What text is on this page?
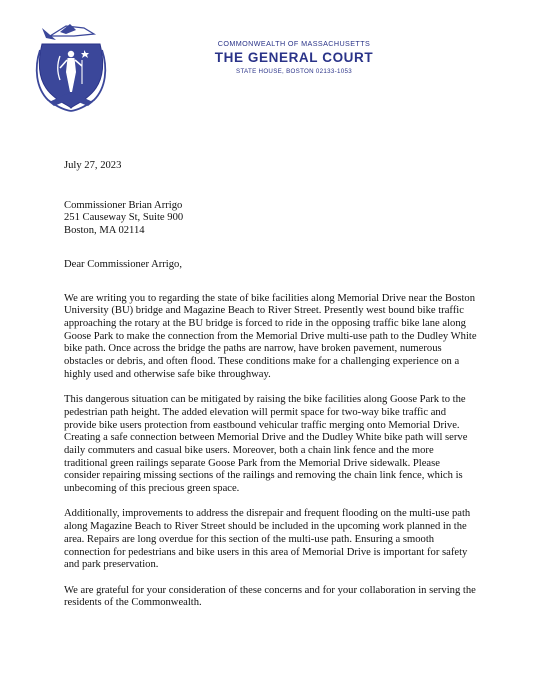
COMMONWEALTH OF MASSACHUSETTS
THE GENERAL COURT
STATE HOUSE, BOSTON 02133-1053

July 27, 2023

Commissioner Brian Arrigo
251 Causeway St, Suite 900
Boston, MA 02114

Dear Commissioner Arrigo,

We are writing you to regarding the state of bike facilities along Memorial Drive near the Boston
University (BU) bridge and Magazine Beach to River Street. Presently west bound bike traffic
approaching the rotary at the BU bridge is forced to ride in the opposing traffic bike lane along
Goose Park to make the connection from the Memorial Drive multi-use path to the Dudley White
bike path. Once across the bridge the paths are narrow, have broken pavement, numerous
obstacles or debris, and often flood. These conditions make for a challenging experience on a
highly used and otherwise safe bike throughway.
This dangerous situation can be mitigated by raising the bike facilities along Goose Park to the
pedestrian path height. The added elevation will permit space for two-way bike traffic and
provide bike users protection from eastbound vehicular traffic merging onto Memorial Drive.
Creating a safe connection between Memorial Drive and the Dudley White bike path will serve
daily commuters and casual bike users. Moreover, both a chain link fence and the more
traditional green railings separate Goose Park from the Memorial Drive sidewalk. Please
consider repairing missing sections of the railings and removing the chain link fence, which is
unbecoming of this precious green space.
Additionally, improvements to address the disrepair and frequent flooding on the multi-use path
along Magazine Beach to River Street should be included in the upcoming work planned in the
area. Repairs are long overdue for this section of the multi-use path. Ensuring a smooth
connection for pedestrians and bike users in this area of Memorial Drive is important for safety
and park preservation.
We are grateful for your consideration of these concerns and for your collaboration in serving the
residents of the Commonwealth.
